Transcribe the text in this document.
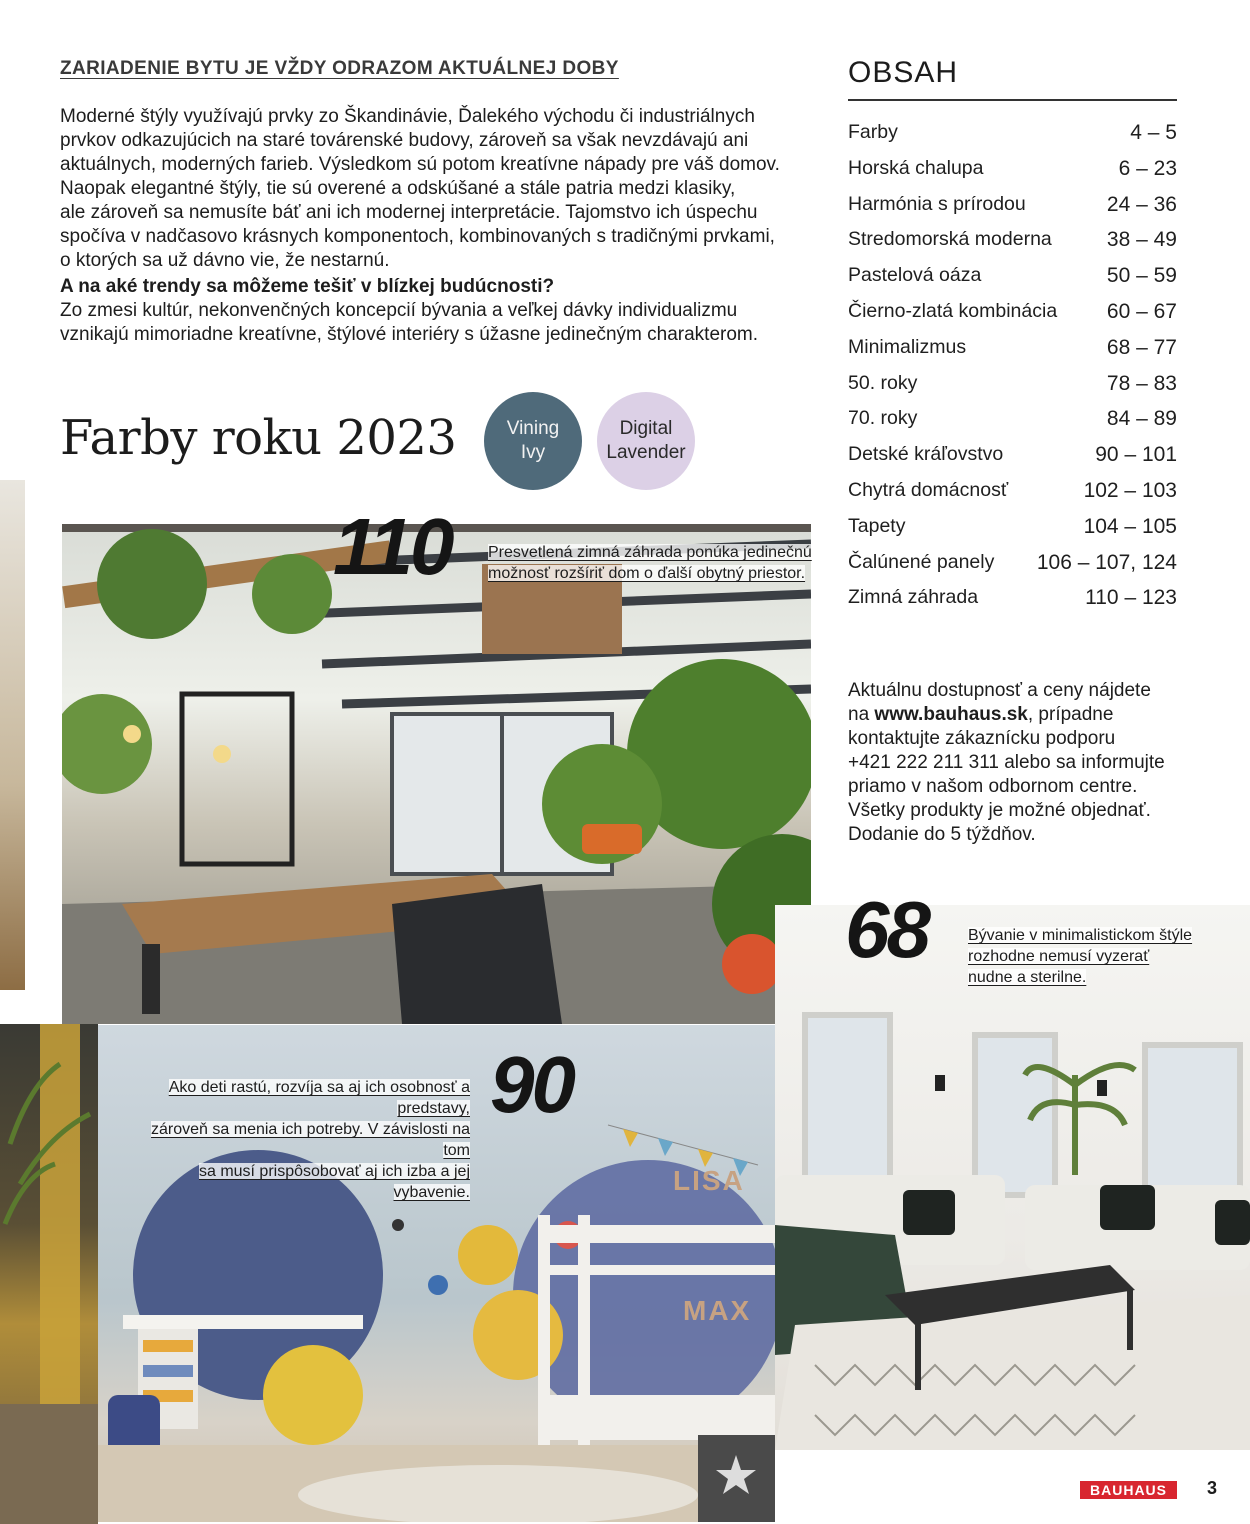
ZARIADENIE BYTU JE VŽDY ODRAZOM AKTUÁLNEJ DOBY

Moderné štýly využívajú prvky zo Škandinávie, Ďalekého východu či industriálnych

prvkov odkazujúcich na staré továrenské budovy, zároveň sa však nevzdávajú ani

aktuálnych, moderných farieb. Výsledkom sú potom kreatívne nápady pre váš domov.

Naopak elegantné štýly, tie sú overené a odskúšané a stále patria medzi klasiky,

ale zároveň sa nemusíte báť ani ich modernej interpretácie. Tajomstvo ich úspechu

spočíva v nadčasovo krásnych komponentoch, kombinovaných s tradičnými prvkami,

o ktorých sa už dávno vie, že nestarnú.

A na aké trendy sa môžeme tešiť v blízkej budúcnosti?

Zo zmesi kultúr, nekonvenčných koncepcií bývania a veľkej dávky individualizmu

vznikajú mimoriadne kreatívne, štýlové interiéry s úžasne jedinečným charakterom.

Farby roku 2023	Vining
Ivy
Digital
Lavender
OBSAH
Farby	4 – 5
Horská chalupa	6 – 23
Harmónia s prírodou	24 – 36
Stredomorská moderna	38 – 49
Pastelová oáza	50 – 59
Čierno-zlatá kombinácia 60 – 67
Minimalizmus	68 – 77
50. roky	78 – 83
70. roky	84 – 89
Detské kráľovstvo	90 – 101
Chytrá domácnosť	102 – 103
Tapety	104 – 105
Čalúnené panely 106 – 107, 124
Zimná záhrada	110 – 123
Aktuálnu dostupnosť a ceny nájdete
na www.bauhaus.sk, prípadne
kontaktujte zákaznícku podporu
+421 222 211 311 alebo sa informujte
priamo v našom odbornom centre.
Všetky produkty je možné objednať.
Dodanie do 5 týždňov.
110 Presvetlená zimná záhrada ponúka jedinečnú
možnosť rozšíriť dom o ďalší obytný priestor.
68	Bývanie v minimalistickom štýle
rozhodne nemusí vyzerať
nudne a sterilne.
LISA
MAX
90
Ako deti rastú, rozvíja sa aj ich osobnosť a predstavy,
zároveň sa menia ich potreby. V závislosti na tom
sa musí prispôsobovať aj ich izba a jej vybavenie.
BAUHAUS	3
